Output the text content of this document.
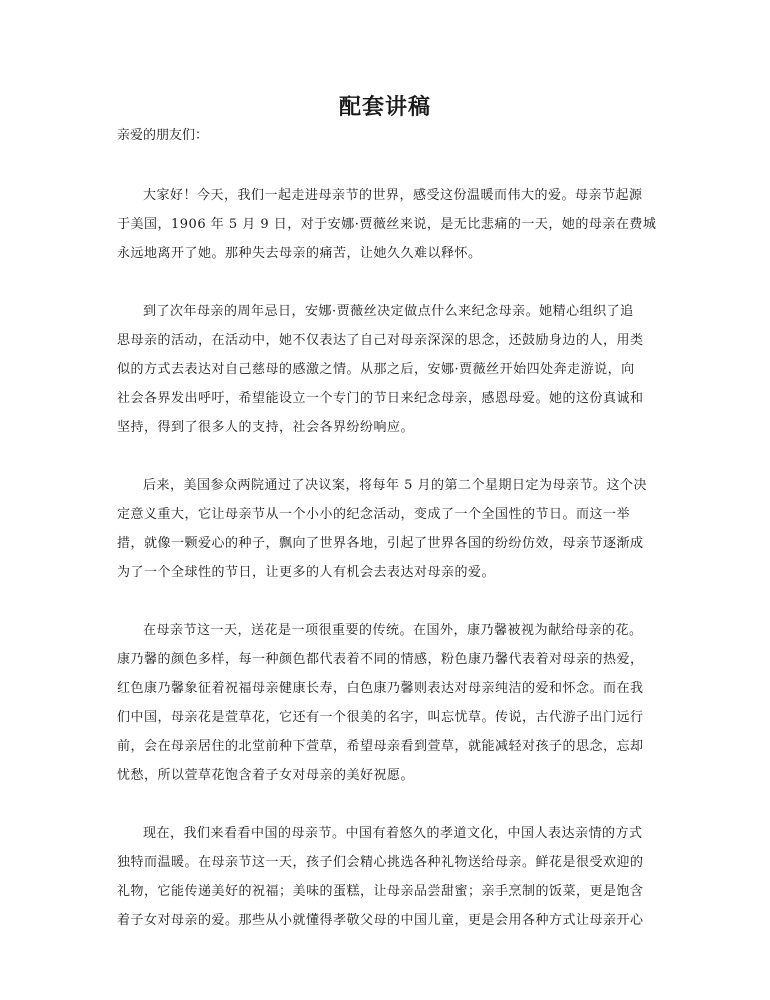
配套讲稿
亲爱的朋友们：
大家好！今天，我们一起走进母亲节的世界，感受这份温暖而伟大的爱。母亲节起源
于美国，1906 年 5 月 9 日，对于安娜·贾薇丝来说，是无比悲痛的一天，她的母亲在费城
永远地离开了她。那种失去母亲的痛苦，让她久久难以释怀。
到了次年母亲的周年忌日，安娜·贾薇丝决定做点什么来纪念母亲。她精心组织了追
思母亲的活动，在活动中，她不仅表达了自己对母亲深深的思念，还鼓励身边的人，用类
似的方式去表达对自己慈母的感激之情。从那之后，安娜·贾薇丝开始四处奔走游说，向
社会各界发出呼吁，希望能设立一个专门的节日来纪念母亲，感恩母爱。她的这份真诚和
坚持，得到了很多人的支持，社会各界纷纷响应。
后来，美国参众两院通过了决议案，将每年 5 月的第二个星期日定为母亲节。这个决
定意义重大，它让母亲节从一个小小的纪念活动，变成了一个全国性的节日。而这一举
措，就像一颗爱心的种子，飘向了世界各地，引起了世界各国的纷纷仿效，母亲节逐渐成
为了一个全球性的节日，让更多的人有机会去表达对母亲的爱。
在母亲节这一天，送花是一项很重要的传统。在国外，康乃馨被视为献给母亲的花。
康乃馨的颜色多样，每一种颜色都代表着不同的情感，粉色康乃馨代表着对母亲的热爱，
红色康乃馨象征着祝福母亲健康长寿，白色康乃馨则表达对母亲纯洁的爱和怀念。而在我
们中国，母亲花是萱草花，它还有一个很美的名字，叫忘忧草。传说，古代游子出门远行
前，会在母亲居住的北堂前种下萱草，希望母亲看到萱草，就能减轻对孩子的思念，忘却
忧愁，所以萱草花饱含着子女对母亲的美好祝愿。
现在，我们来看看中国的母亲节。中国有着悠久的孝道文化，中国人表达亲情的方式
独特而温暖。在母亲节这一天，孩子们会精心挑选各种礼物送给母亲。鲜花是很受欢迎的
礼物，它能传递美好的祝福；美味的蛋糕，让母亲品尝甜蜜；亲手烹制的饭菜，更是饱含
着子女对母亲的爱。那些从小就懂得孝敬父母的中国儿童，更是会用各种方式让母亲开心
